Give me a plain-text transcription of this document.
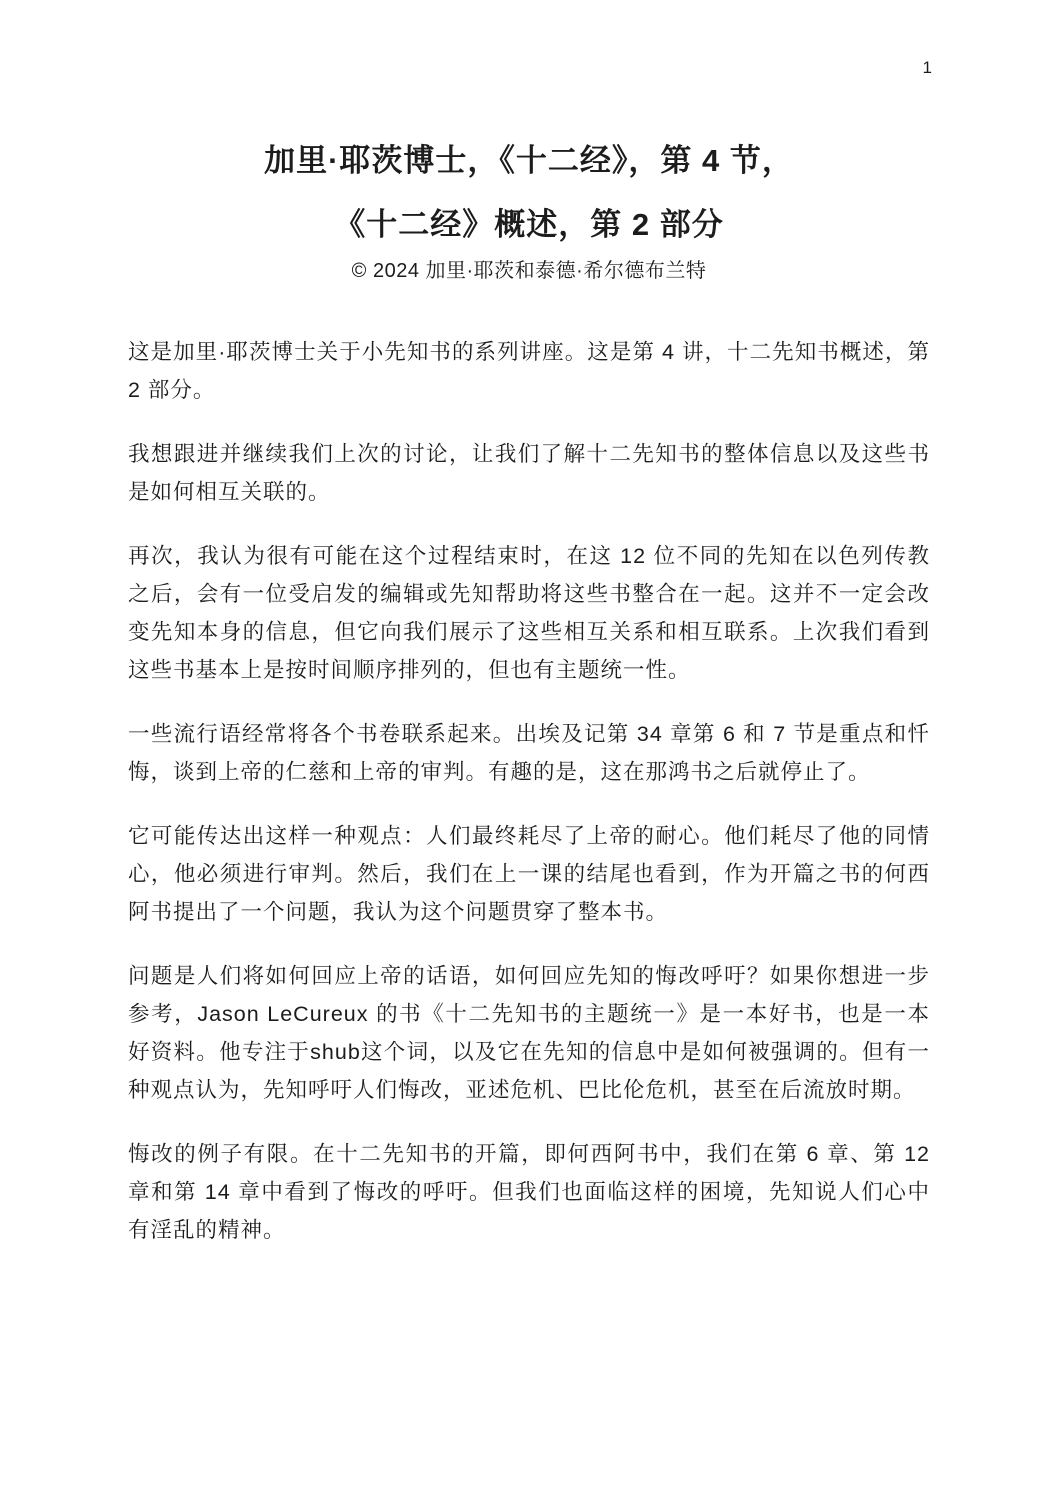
1
加里·耶茨博士，《十二经》，第 4 节，
《十二经》概述，第 2 部分
© 2024 加里·耶茨和泰德·希尔德布兰特

这是加里·耶茨博士关于小先知书的系列讲座。这是第 4 讲，十二先知书概述，第 2 部分。

我想跟进并继续我们上次的讨论，让我们了解十二先知书的整体信息以及这些书是如何相互关联的。

再次，我认为很有可能在这个过程结束时，在这 12 位不同的先知在以色列传教之后，会有一位受启发的编辑或先知帮助将这些书整合在一起。这并不一定会改变先知本身的信息，但它向我们展示了这些相互关系和相互联系。上次我们看到这些书基本上是按时间顺序排列的，但也有主题统一性。

一些流行语经常将各个书卷联系起来。出埃及记第 34 章第 6 和 7 节是重点和忏悔，谈到上帝的仁慈和上帝的审判。有趣的是，这在那鸿书之后就停止了。

它可能传达出这样一种观点：人们最终耗尽了上帝的耐心。他们耗尽了他的同情心，他必须进行审判。然后，我们在上一课的结尾也看到，作为开篇之书的何西阿书提出了一个问题，我认为这个问题贯穿了整本书。

问题是人们将如何回应上帝的话语，如何回应先知的悔改呼吁？如果你想进一步参考，Jason LeCureux 的书《十二先知书的主题统一》是一本好书，也是一本好资料。他专注于shub这个词，以及它在先知的信息中是如何被强调的。但有一种观点认为，先知呼吁人们悔改，亚述危机、巴比伦危机，甚至在后流放时期。

悔改的例子有限。在十二先知书的开篇，即何西阿书中，我们在第 6 章、第 12 章和第 14 章中看到了悔改的呼吁。但我们也面临这样的困境，先知说人们心中有淫乱的精神。
